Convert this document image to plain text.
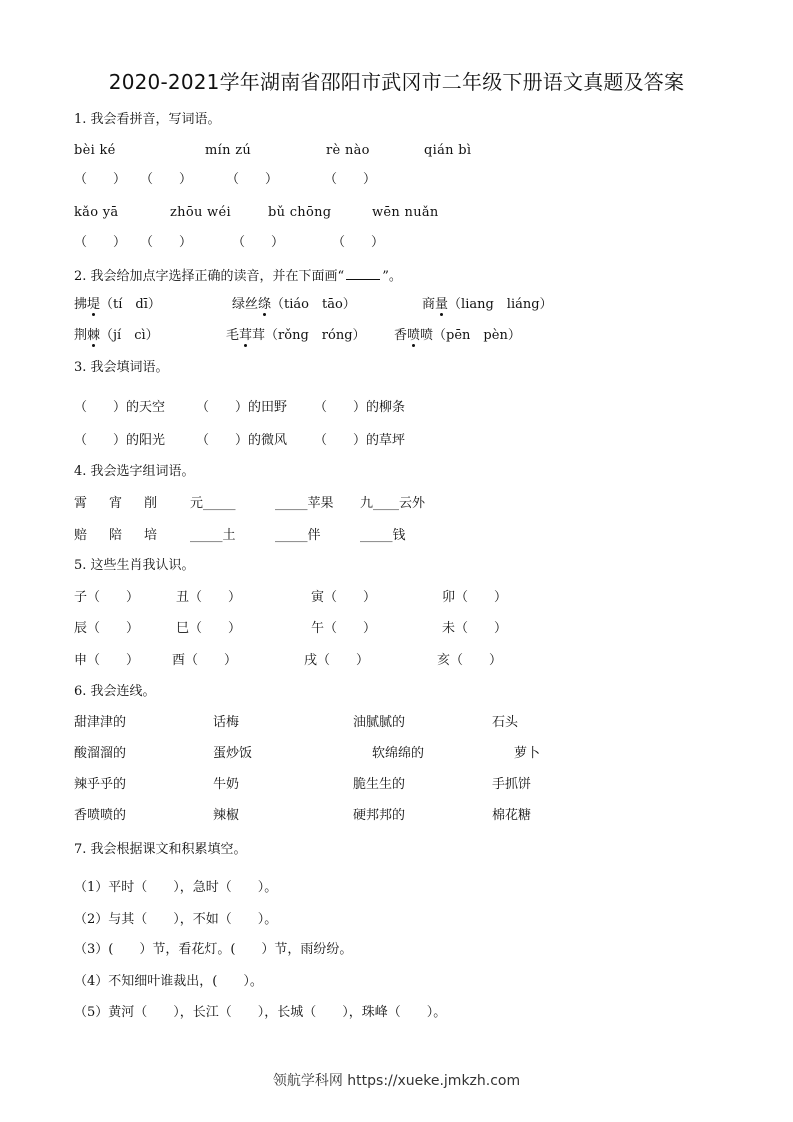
2020-2021学年湖南省邵阳市武冈市二年级下册语文真题及答案
1. 我会看拼音，写词语。
bèi ké	mín zú	rè nào	qián bì
（　　） （　　）	（　　）	（　　）
kǎo yā	zhōu wéi	bǔ chōng	wēn nuǎn
（　　） （　　）	（　　）	（　　）
2. 我会给加点字选择正确的读音，并在下面画“	”。
拂堤（tí　dī）	绿丝绦（tiáo　tāo）	商量（liang　liáng）
荆棘（jí　cì）	毛茸茸（rǒng　róng） 香喷喷（pēn　pèn）
3. 我会填词语。
（　　）的天空 （　　）的田野 （　　）的柳条
（　　）的阳光 （　　）的微风 （　　）的草坪
4. 我会选字组词语。
霄 宵 削	元_____	_____苹果 九____云外
赔 陪 培	_____土	_____伴	_____钱
5. 这些生肖我认识。
子（　　）	丑（　　）	寅（　　）	卯（　　）
辰（　　）	巳（　　）	午（　　）	未（　　）
申（　　）	酉（　　）	戌（　　）	亥（　　）
6. 我会连线。
甜津津的	话梅	油腻腻的	石头
酸溜溜的	蛋炒饭	软绵绵的	萝卜
辣乎乎的	牛奶	脆生生的	手抓饼
香喷喷的	辣椒	硬邦邦的	棉花糖
7. 我会根据课文和积累填空。
（1）平时（　　），急时（　　）。
（2）与其（　　），不如（　　）。
（3）(　　）节，看花灯。(　　）节，雨纷纷。
（4）不知细叶谁裁出，(　　）。
（5）黄河（　　），长江（　　），长城（　　），珠峰（　　）。
领航学科网 https://xueke.jmkzh.com
